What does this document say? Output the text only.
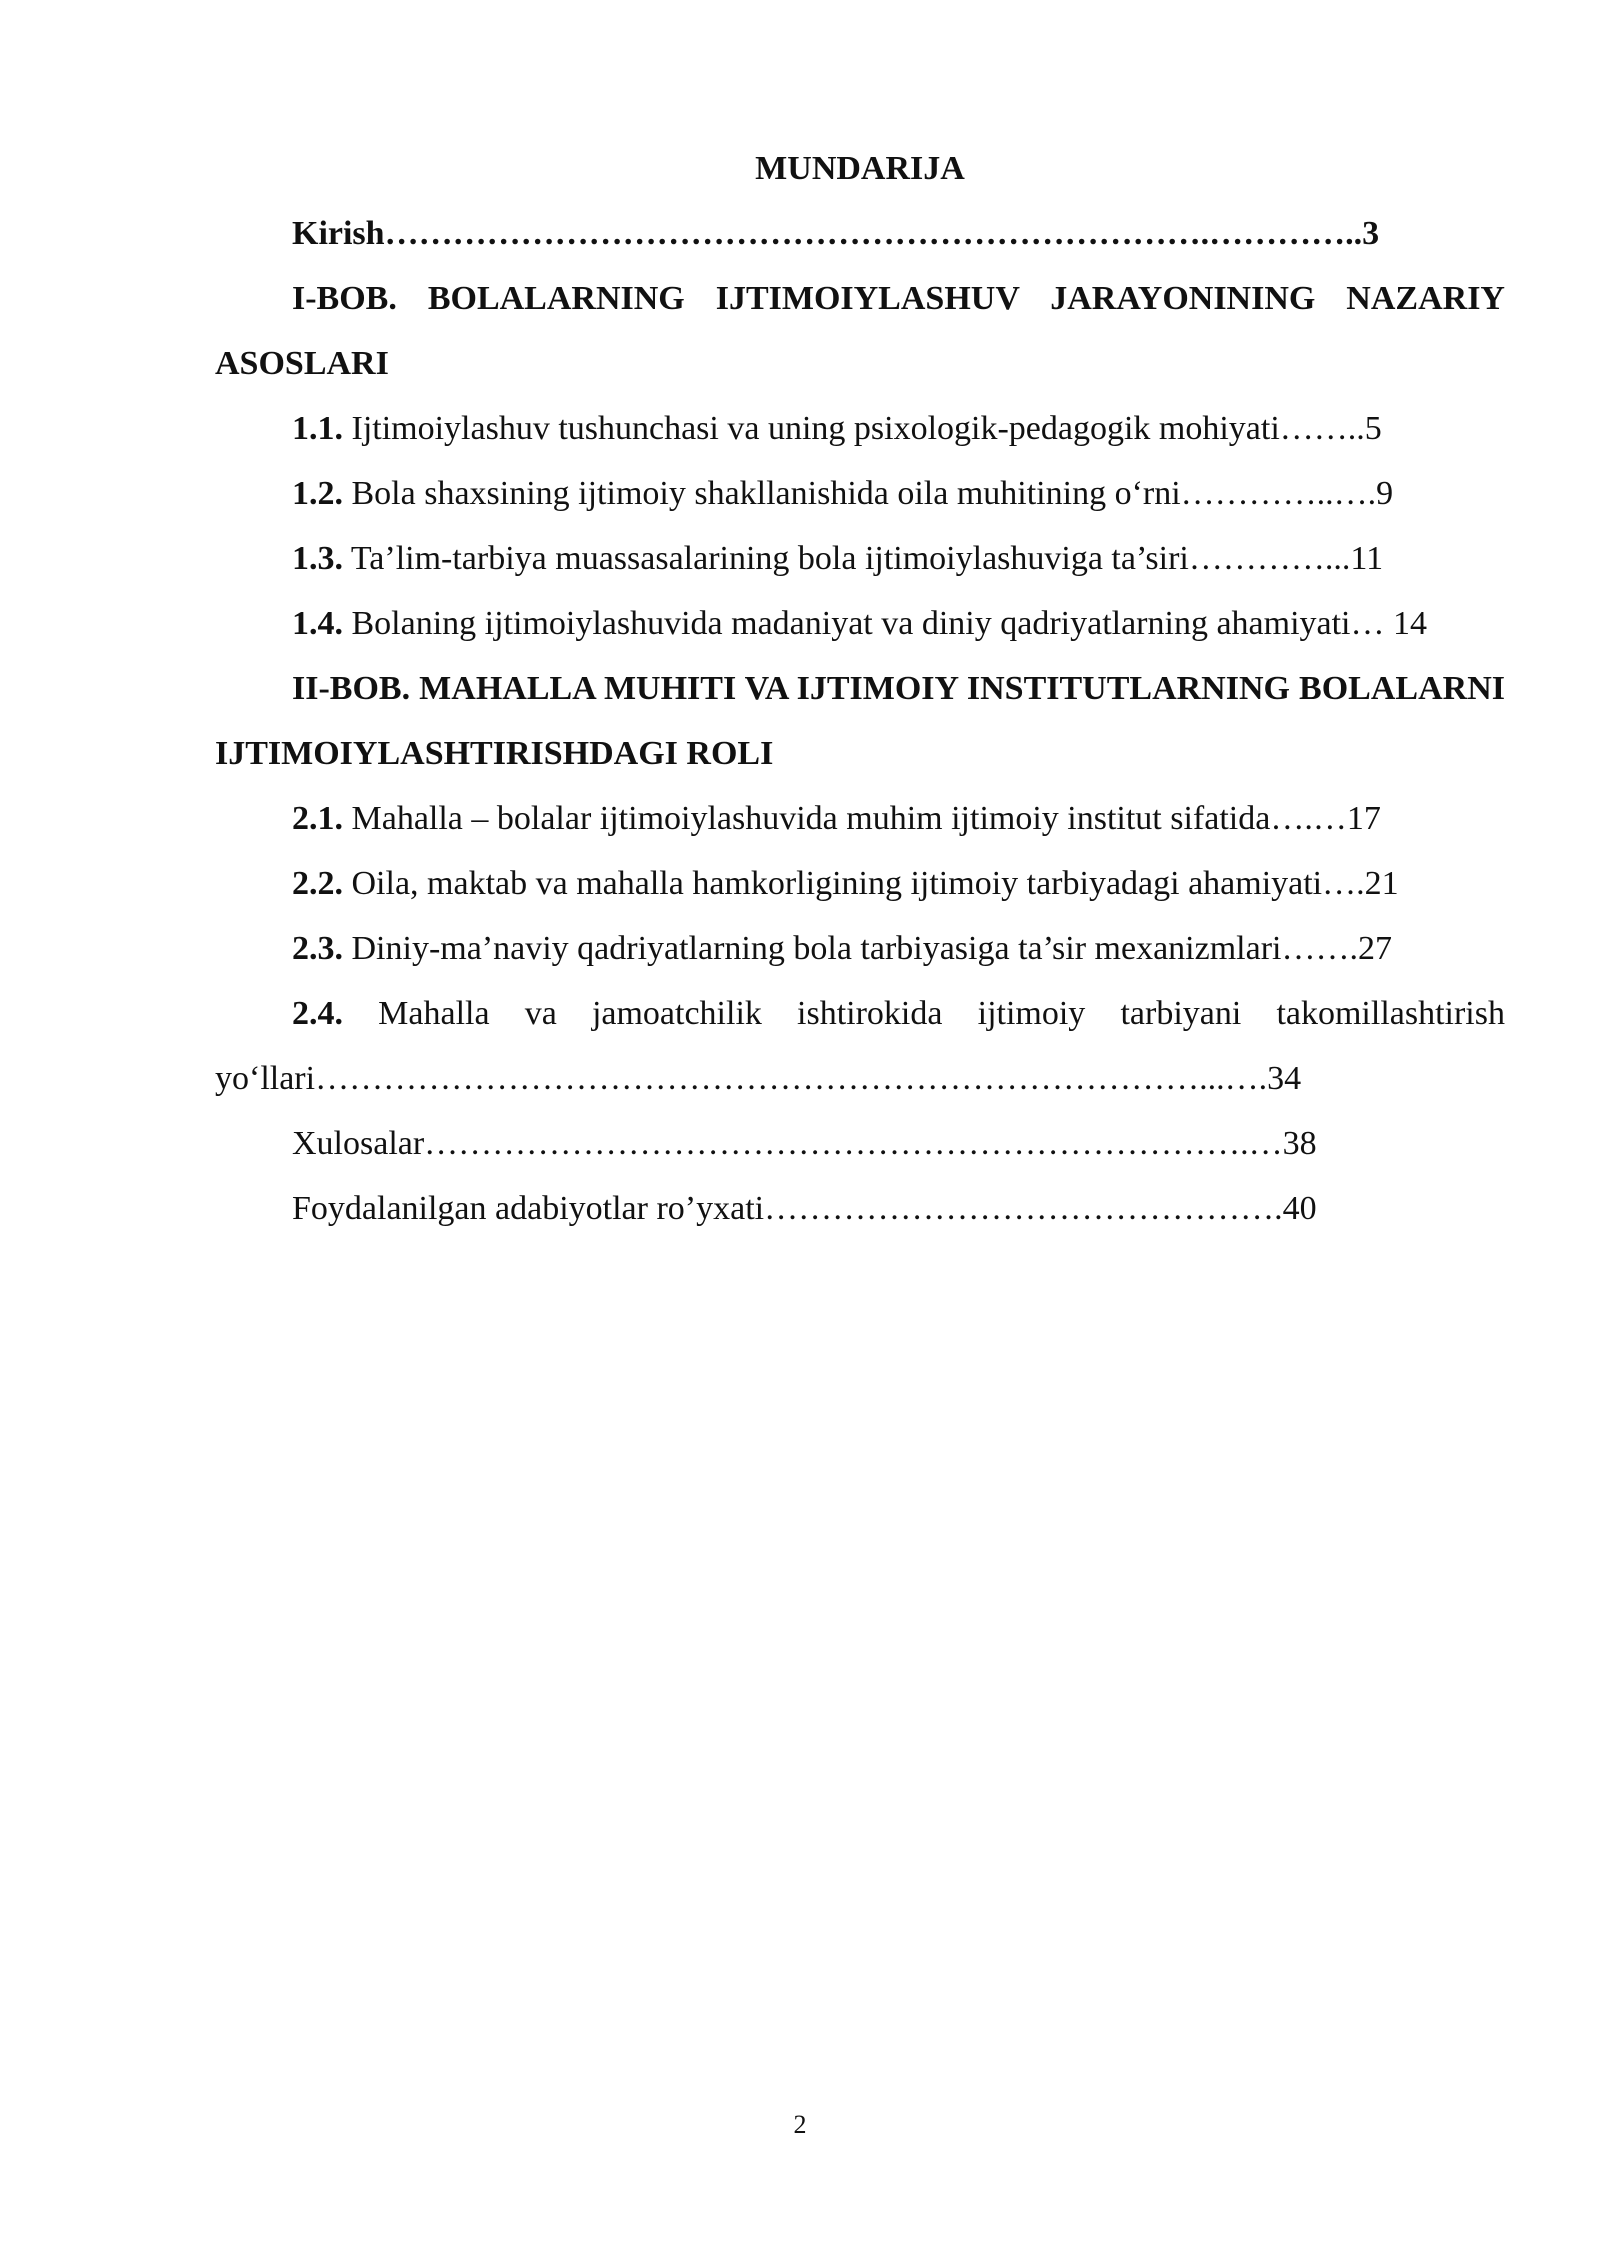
MUNDARIJA

Kirish……………………………………………………………….…………..3

I-BOB. BOLALARNING IJTIMOIYLASHUV JARAYONINING NAZARIY ASOSLARI

1.1. Ijtimoiylashuv tushunchasi va uning psixologik-pedagogik mohiyati……..5

1.2. Bola shaxsining ijtimoiy shakllanishida oila muhitining o‘rni…………..….9

1.3. Ta’lim-tarbiya muassasalarining bola ijtimoiylashuviga ta’siri…………...11

1.4. Bolaning ijtimoiylashuvida madaniyat va diniy qadriyatlarning ahamiyati… 14

II-BOB. MAHALLA MUHITI VA IJTIMOIY INSTITUTLARNING BOLALARNI IJTIMOIYLASHTIRISHDAGI ROLI

2.1. Mahalla – bolalar ijtimoiylashuvida muhim ijtimoiy institut sifatida….…17

2.2. Oila, maktab va mahalla hamkorligining ijtimoiy tarbiyadagi ahamiyati….21

2.3. Diniy-ma’naviy qadriyatlarning bola tarbiyasiga ta’sir mexanizmlari…….27

2.4. Mahalla va jamoatchilik ishtirokida ijtimoiy tarbiyani takomillashtirish yo‘llari……………………………………………………………………...….34

Xulosalar……………………………………………………………….…38

Foydalanilgan adabiyotlar ro’yxati……………………………………….40

2
